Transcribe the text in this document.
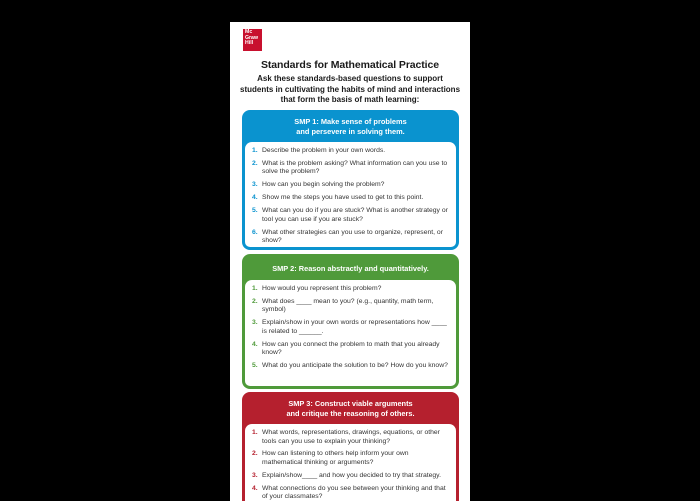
Mc
Graw
Hill
Standards for Mathematical Practice
Ask these standards-based questions to support students in cultivating the habits of mind and interactions that form the basis of math learning:
SMP 1: Make sense of problems
and persevere in solving them.
1. Describe the problem in your own words.
2. What is the problem asking? What information can you use to solve the problem?
3. How can you begin solving the problem?
4. Show me the steps you have used to get to this point.
5. What can you do if you are stuck? What is another strategy or tool you can use if you are stuck?
6. What other strategies can you use to organize, represent, or show?
SMP 2: Reason abstractly and quantitatively.
1. How would you represent this problem?
2. What does ____ mean to you? (e.g., quantity, math term, symbol)
3. Explain/show in your own words or representations how ____ is related to ______.
4. How can you connect the problem to math that you already know?
5. What do you anticipate the solution to be? How do you know?
SMP 3: Construct viable arguments
and critique the reasoning of others.
1. What words, representations, drawings, equations, or other tools can you use to explain your thinking?
2. How can listening to others help inform your own mathematical thinking or arguments?
3. Explain/show____ and how you decided to try that strategy.
4. What connections do you see between your thinking and that of your classmates?
